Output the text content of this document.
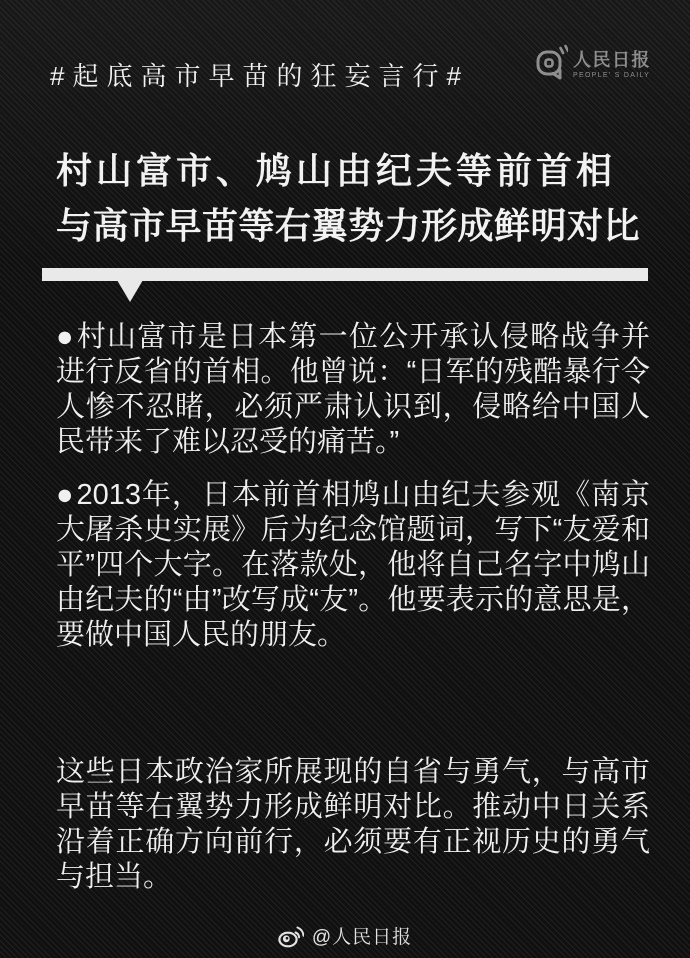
#起底高市早苗的狂妄言行#
人民日报
PEOPLE' S DAILY
村山富市、鸠山由纪夫等前首相
与高市早苗等右翼势力形成鲜明对比

●村山富市是日本第一位公开承认侵略战争并进行反省的首相。他曾说：“日军的残酷暴行令人惨不忍睹，必须严肃认识到，侵略给中国人民带来了难以忍受的痛苦。”

●2013年，日本前首相鸠山由纪夫参观《南京大屠杀史实展》后为纪念馆题词，写下“友爱和平”四个大字。在落款处，他将自己名字中鸠山由纪夫的“由”改写成“友”。他要表示的意思是，要做中国人民的朋友。

这些日本政治家所展现的自省与勇气，与高市早苗等右翼势力形成鲜明对比。推动中日关系沿着正确方向前行，必须要有正视历史的勇气与担当。
@人民日报
